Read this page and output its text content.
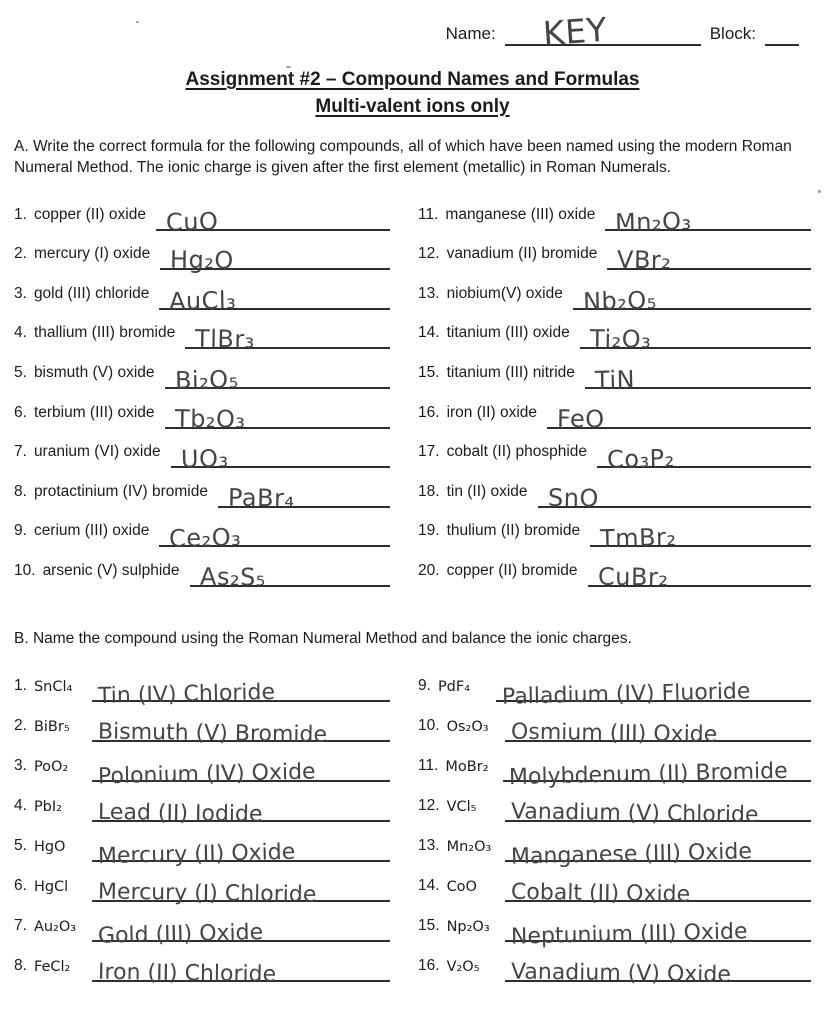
Name: KEY	Block:
Assignment #2 – Compound Names and Formulas
Multi-valent ions only

A. Write the correct formula for the following compounds, all of which have been named using the modern Roman Numeral Method. The ionic charge is given after the first element (metallic) in Roman Numerals.

1. copper (II) oxide CuO
2. mercury (I) oxide Hg₂O
3. gold (III) chloride AuCl₃
4. thallium (III) bromide TlBr₃
5. bismuth (V) oxide Bi₂O₅
6. terbium (III) oxide Tb₂O₃
7. uranium (VI) oxide UO₃
8. protactinium (IV) bromide PaBr₄
9. cerium (III) oxide Ce₂O₃
10. arsenic (V) sulphide As₂S₅
11. manganese (III) oxide Mn₂O₃
12. vanadium (II) bromide VBr₂
13. niobium(V) oxide Nb₂O₅
14. titanium (III) oxide Ti₂O₃
15. titanium (III) nitride TiN
16. iron (II) oxide FeO
17. cobalt (II) phosphide Co₃P₂
18. tin (II) oxide SnO
19. thulium (II) bromide TmBr₂
20. copper (II) bromide CuBr₂

B. Name the compound using the Roman Numeral Method and balance the ionic charges.

1. SnCl₄	Tin (IV) Chloride
2. BiBr₅	Bismuth (V) Bromide
3. PoO₂	Polonium (IV) Oxide
4. PbI₂	Lead (II) Iodide
5. HgO	Mercury (II) Oxide
6. HgCl	Mercury (I) Chloride
7. Au₂O₃ Gold (III) Oxide
8. FeCl₂	Iron (II) Chloride
9. PdF₄	Palladium (IV) Fluoride
10. Os₂O₃ Osmium (III) Oxide
11. MoBr₂ Molybdenum (II) Bromide
12. VCl₅	Vanadium (V) Chloride
13. Mn₂O₃ Manganese (III) Oxide
14. CoO	Cobalt (II) Oxide
15. Np₂O₃ Neptunium (III) Oxide
16. V₂O₅	Vanadium (V) Oxide
